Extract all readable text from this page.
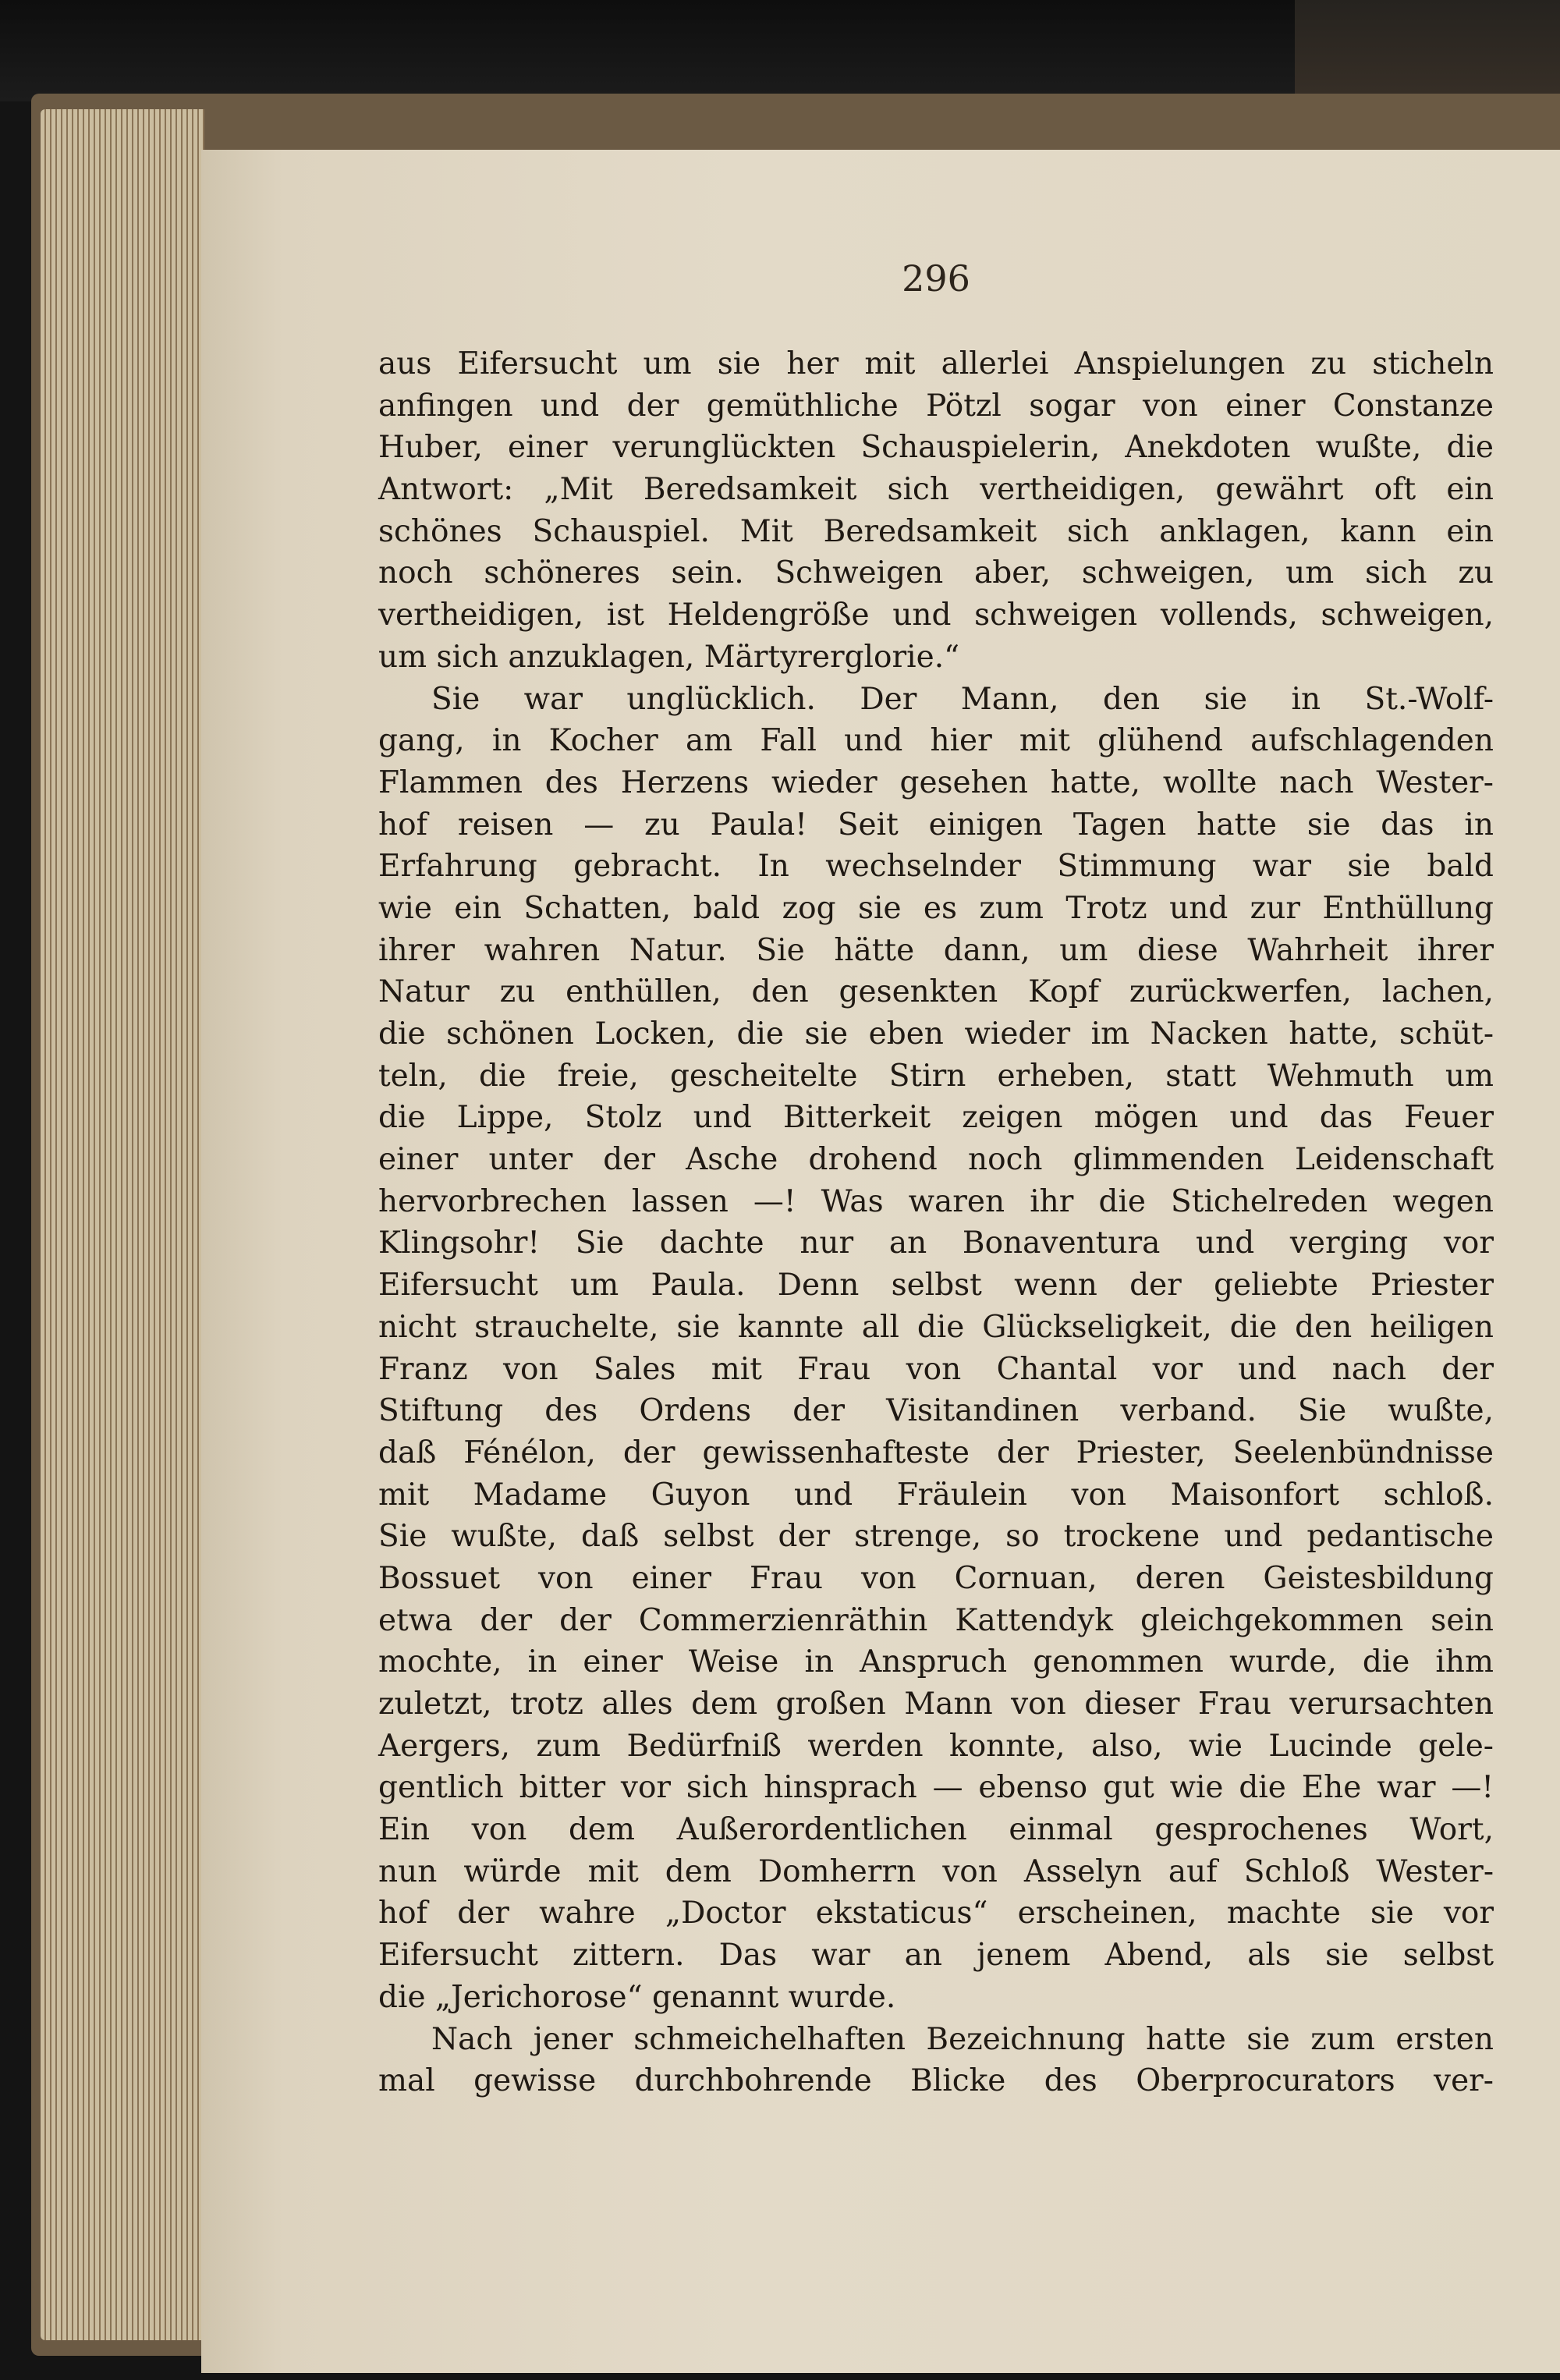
296
aus Eifersucht um sie her mit allerlei Anspielungen zu sticheln
anfingen und der gemüthliche Pötzl sogar von einer Constanze
Huber, einer verunglückten Schauspielerin, Anekdoten wußte, die
Antwort: „Mit Beredsamkeit sich vertheidigen, gewährt oft ein
schönes Schauspiel. Mit Beredsamkeit sich anklagen, kann ein
noch schöneres sein. Schweigen aber, schweigen, um sich zu
vertheidigen, ist Heldengröße und schweigen vollends, schweigen,
um sich anzuklagen, Märtyrerglorie.“
Sie war unglücklich. Der Mann, den sie in St.-Wolf-
gang, in Kocher am Fall und hier mit glühend aufschlagenden
Flammen des Herzens wieder gesehen hatte, wollte nach Wester-
hof reisen — zu Paula! Seit einigen Tagen hatte sie das in
Erfahrung gebracht. In wechselnder Stimmung war sie bald
wie ein Schatten, bald zog sie es zum Trotz und zur Enthüllung
ihrer wahren Natur. Sie hätte dann, um diese Wahrheit ihrer
Natur zu enthüllen, den gesenkten Kopf zurückwerfen, lachen,
die schönen Locken, die sie eben wieder im Nacken hatte, schüt-
teln, die freie, gescheitelte Stirn erheben, statt Wehmuth um
die Lippe, Stolz und Bitterkeit zeigen mögen und das Feuer
einer unter der Asche drohend noch glimmenden Leidenschaft
hervorbrechen lassen —! Was waren ihr die Stichelreden wegen
Klingsohr! Sie dachte nur an Bonaventura und verging vor
Eifersucht um Paula. Denn selbst wenn der geliebte Priester
nicht strauchelte, sie kannte all die Glückseligkeit, die den heiligen
Franz von Sales mit Frau von Chantal vor und nach der
Stiftung des Ordens der Visitandinen verband. Sie wußte,
daß Fénélon, der gewissenhafteste der Priester, Seelenbündnisse
mit Madame Guyon und Fräulein von Maisonfort schloß.
Sie wußte, daß selbst der strenge, so trockene und pedantische
Bossuet von einer Frau von Cornuan, deren Geistesbildung
etwa der der Commerzienräthin Kattendyk gleichgekommen sein
mochte, in einer Weise in Anspruch genommen wurde, die ihm
zuletzt, trotz alles dem großen Mann von dieser Frau verursachten
Aergers, zum Bedürfniß werden konnte, also, wie Lucinde gele-
gentlich bitter vor sich hinsprach — ebenso gut wie die Ehe war —!
Ein von dem Außerordentlichen einmal gesprochenes Wort,
nun würde mit dem Domherrn von Asselyn auf Schloß Wester-
hof der wahre „Doctor ekstaticus“ erscheinen, machte sie vor
Eifersucht zittern. Das war an jenem Abend, als sie selbst
die „Jerichorose“ genannt wurde.
Nach jener schmeichelhaften Bezeichnung hatte sie zum ersten
mal gewisse durchbohrende Blicke des Oberprocurators ver-
